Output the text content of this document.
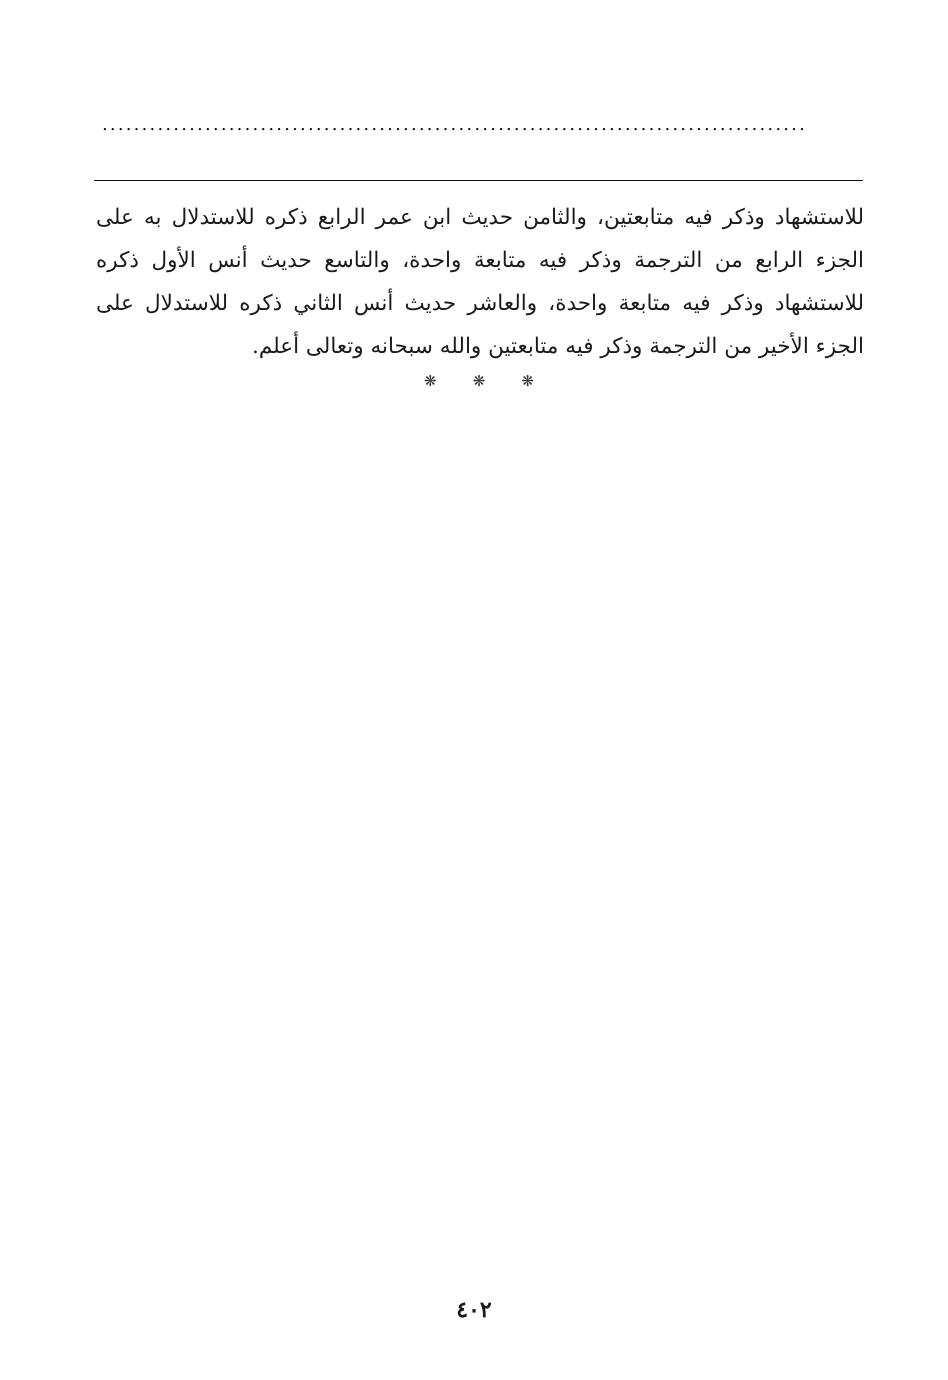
.........................................................................................
للاستشهاد وذكر فيه متابعتين، والثامن حديث ابن عمر الرابع ذكره للاستدلال به على
الجزء الرابع من الترجمة وذكر فيه متابعة واحدة، والتاسع حديث أنس الأول ذكره
للاستشهاد وذكر فيه متابعة واحدة، والعاشر حديث أنس الثاني ذكره للاستدلال على
الجزء الأخير من الترجمة وذكر فيه متابعتين والله سبحانه وتعالى أعلم.
❋ ❋ ❋
٤٠٢
